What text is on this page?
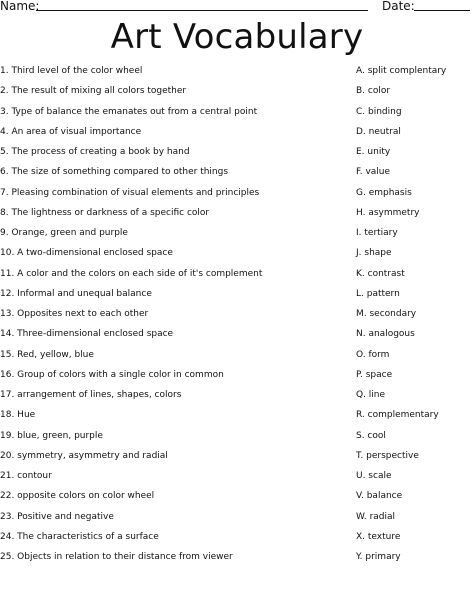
Name:	Date:
Art Vocabulary
1. Third level of the color wheel	A. split complentary
2. The result of mixing all colors together	B. color
3. Type of balance the emanates out from a central point	C. binding
4. An area of visual importance	D. neutral
5. The process of creating a book by hand	E. unity
6. The size of something compared to other things	F. value
7. Pleasing combination of visual elements and principles	G. emphasis
8. The lightness or darkness of a specific color	H. asymmetry
9. Orange, green and purple	I. tertiary
10. A two-dimensional enclosed space	J. shape
11. A color and the colors on each side of it's complement	K. contrast
12. Informal and unequal balance	L. pattern
13. Opposites next to each other	M. secondary
14. Three-dimensional enclosed space	N. analogous
15. Red, yellow, blue	O. form
16. Group of colors with a single color in common	P. space
17. arrangement of lines, shapes, colors	Q. line
18. Hue	R. complementary
19. blue, green, purple	S. cool
20. symmetry, asymmetry and radial	T. perspective
21. contour	U. scale
22. opposite colors on color wheel	V. balance
23. Positive and negative	W. radial
24. The characteristics of a surface	X. texture
25. Objects in relation to their distance from viewer	Y. primary
